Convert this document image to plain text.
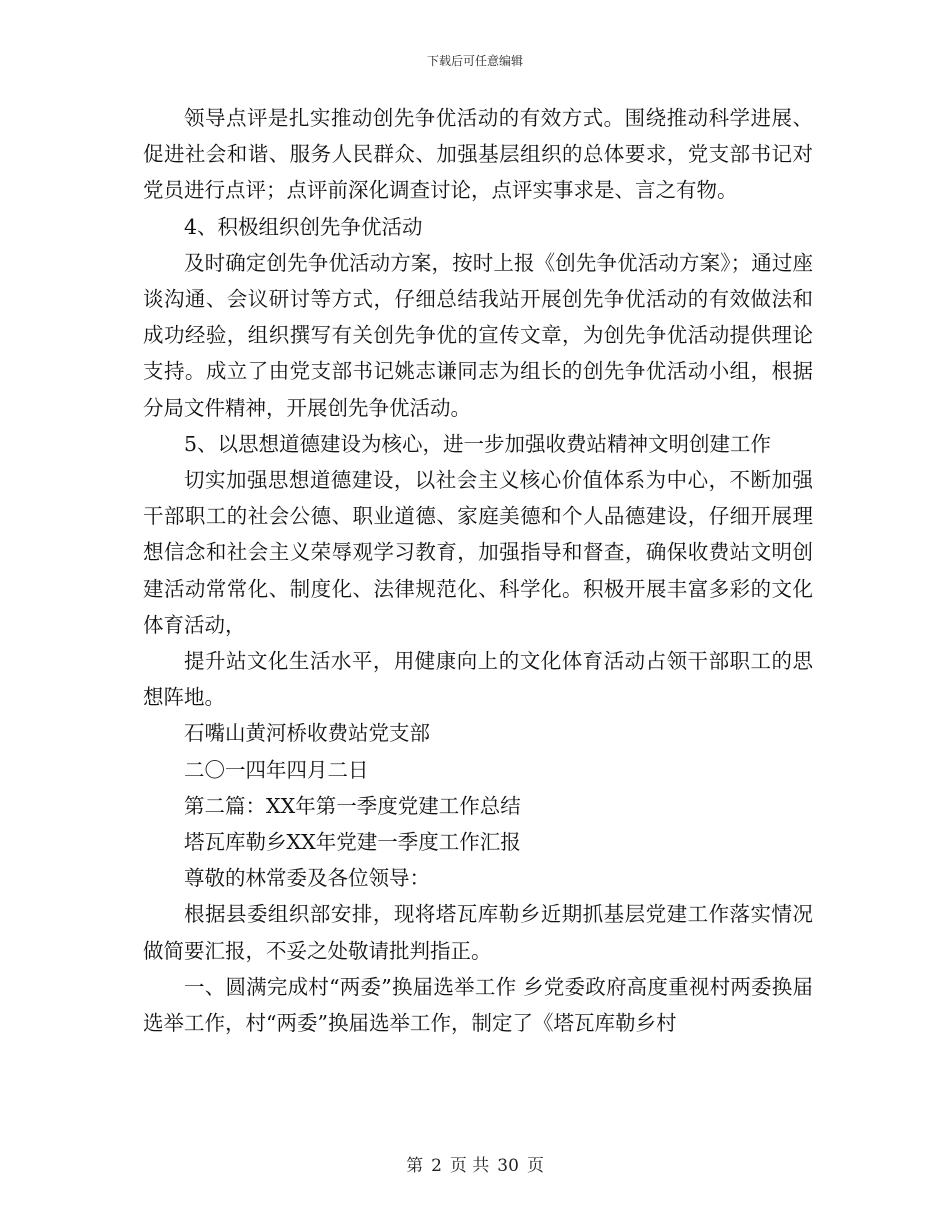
下载后可任意编辑

领导点评是扎实推动创先争优活动的有效方式。围绕推动科学进展、促进社会和谐、服务人民群众、加强基层组织的总体要求，党支部书记对党员进行点评；点评前深化调查讨论，点评实事求是、言之有物。

4、积极组织创先争优活动

及时确定创先争优活动方案，按时上报《创先争优活动方案》；通过座谈沟通、会议研讨等方式，仔细总结我站开展创先争优活动的有效做法和成功经验，组织撰写有关创先争优的宣传文章，为创先争优活动提供理论支持。成立了由党支部书记姚志谦同志为组长的创先争优活动小组，根据分局文件精神，开展创先争优活动。

5、以思想道德建设为核心，进一步加强收费站精神文明创建工作

切实加强思想道德建设，以社会主义核心价值体系为中心，不断加强干部职工的社会公德、职业道德、家庭美德和个人品德建设，仔细开展理想信念和社会主义荣辱观学习教育，加强指导和督查，确保收费站文明创建活动常常化、制度化、法律规范化、科学化。积极开展丰富多彩的文化体育活动，

提升站文化生活水平，用健康向上的文化体育活动占领干部职工的思想阵地。

石嘴山黄河桥收费站党支部

二〇一四年四月二日

第二篇：XX年第一季度党建工作总结

塔瓦库勒乡XX年党建一季度工作汇报

尊敬的林常委及各位领导：

根据县委组织部安排，现将塔瓦库勒乡近期抓基层党建工作落实情况做简要汇报，不妥之处敬请批判指正。

一、圆满完成村“两委”换届选举工作 乡党委政府高度重视村两委换届选举工作，村“两委”换届选举工作，制定了《塔瓦库勒乡村

第 2 页 共 30 页
